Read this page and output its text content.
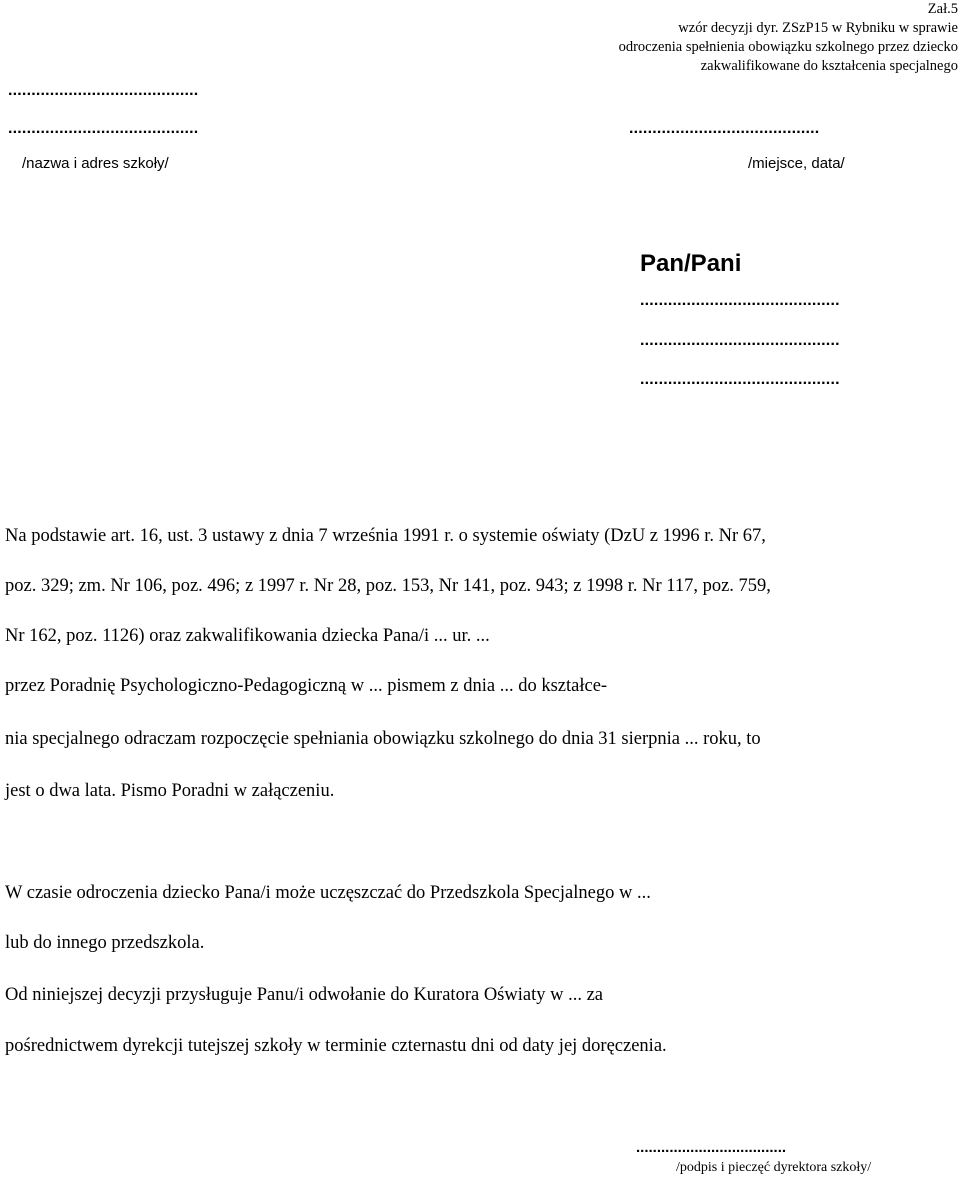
Zał.5
wzór decyzji dyr. ZSzP15 w Rybniku w sprawie
odroczenia spełnienia obowiązku szkolnego przez dziecko
zakwalifikowane do kształcenia specjalnego
.........................................
.........................................
/nazwa i adres szkoły/
.........................................
/miejsce, data/
Pan/Pani
...........................................
...........................................
...........................................
Na podstawie art. 16, ust. 3 ustawy z dnia 7 września 1991 r. o systemie oświaty (DzU z 1996 r. Nr 67,
poz. 329; zm. Nr 106, poz. 496; z 1997 r. Nr 28, poz. 153, Nr 141, poz. 943; z 1998 r. Nr 117, poz. 759,
Nr 162, poz. 1126) oraz zakwalifikowania dziecka Pana/i ... ur. ...
przez Poradnię Psychologiczno-Pedagogiczną w ... pismem z dnia ... do kształce-
nia specjalnego odraczam rozpoczęcie spełniania obowiązku szkolnego do dnia 31 sierpnia ... roku, to
jest o dwa lata. Pismo Poradni w załączeniu.
W czasie odroczenia dziecko Pana/i może uczęszczać do Przedszkola Specjalnego w ...
lub do innego przedszkola.
Od niniejszej decyzji przysługuje Panu/i odwołanie do Kuratora Oświaty w ... za
pośrednictwem dyrekcji tutejszej szkoły w terminie czternastu dni od daty jej doręczenia.
....................................
/podpis i pieczęć dyrektora szkoły/
